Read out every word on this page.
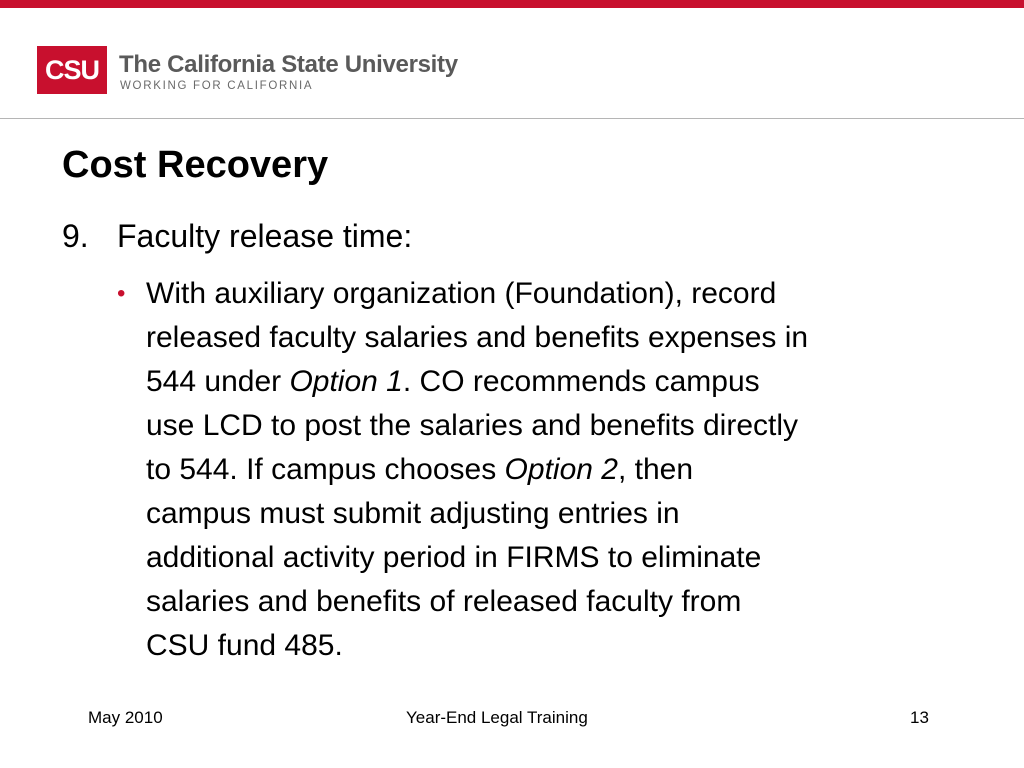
CSU The California State University
WORKING FOR CALIFORNIA
Cost Recovery
9. Faculty release time:
• With auxiliary organization (Foundation), record
released faculty salaries and benefits expenses in
544 under Option 1. CO recommends campus
use LCD to post the salaries and benefits directly
to 544. If campus chooses Option 2, then
campus must submit adjusting entries in
additional activity period in FIRMS to eliminate
salaries and benefits of released faculty from
CSU fund 485.
May 2010	Year-End Legal Training	13
